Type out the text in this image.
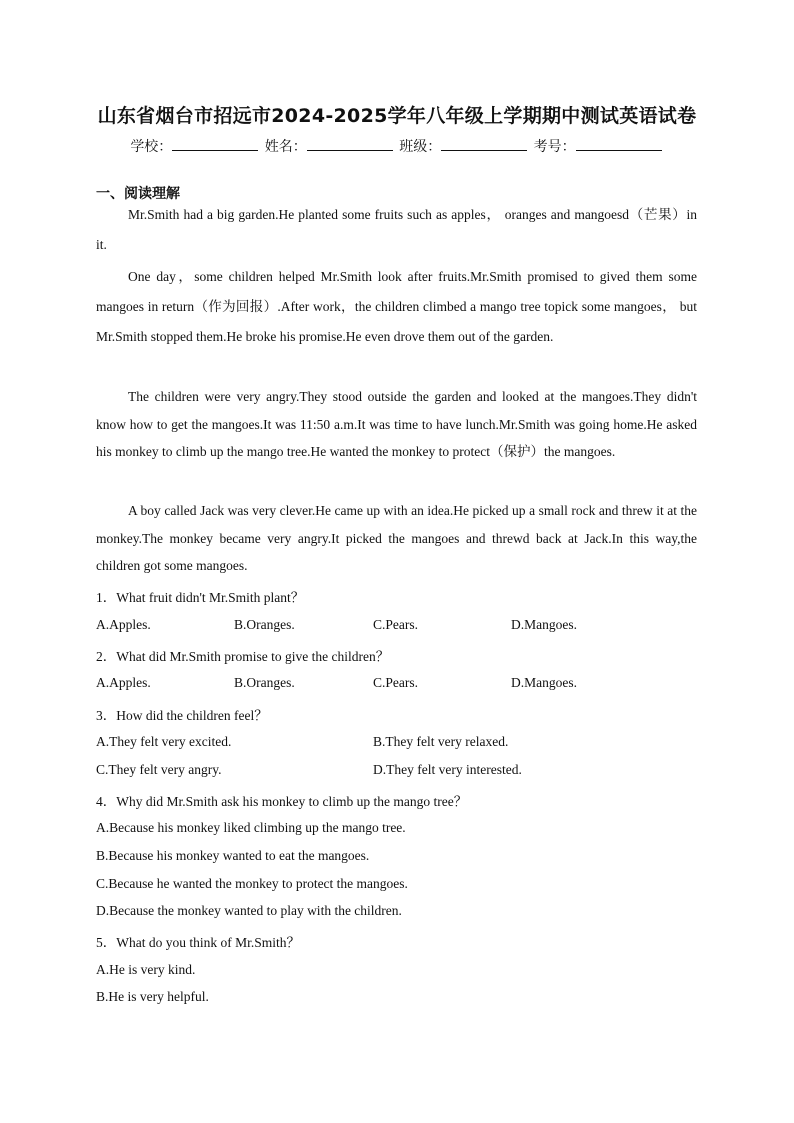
山东省烟台市招远市2024-2025学年八年级上学期期中测试英语试卷
学校：	姓名：	班级：	考号：
一、阅读理解

Mr.Smith had a big garden.He planted some fruits such as apples， oranges and mangoesd（芒果）in it.

One day，some children helped Mr.Smith look after fruits.Mr.Smith promised to gived them some mangoes in return（作为回报）.After work，the children climbed a mango tree topick some mangoes， but Mr.Smith stopped them.He broke his promise.He even drove them out of the garden.

The children were very angry.They stood outside the garden and looked at the mangoes.They didn't know how to get the mangoes.It was 11:50 a.m.It was time to have lunch.Mr.Smith was going home.He asked his monkey to climb up the mango tree.He wanted the monkey to protect（保护）the mangoes.

A boy called Jack was very clever.He came up with an idea.He picked up a small rock and threw it at the monkey.The monkey became very angry.It picked the mangoes and threwd back at Jack.In this way,the children got some mangoes.

1．What fruit didn't Mr.Smith plant？
A.Apples.	B.Oranges.	C.Pears.	D.Mangoes.
2．What did Mr.Smith promise to give the children？
A.Apples.	B.Oranges.	C.Pears.	D.Mangoes.
3．How did the children feel？
A.They felt very excited.	B.They felt very relaxed.
C.They felt very angry.	D.They felt very interested.
4．Why did Mr.Smith ask his monkey to climb up the mango tree？
A.Because his monkey liked climbing up the mango tree.
B.Because his monkey wanted to eat the mangoes.
C.Because he wanted the monkey to protect the mangoes.
D.Because the monkey wanted to play with the children.
5．What do you think of Mr.Smith？
A.He is very kind.
B.He is very helpful.
